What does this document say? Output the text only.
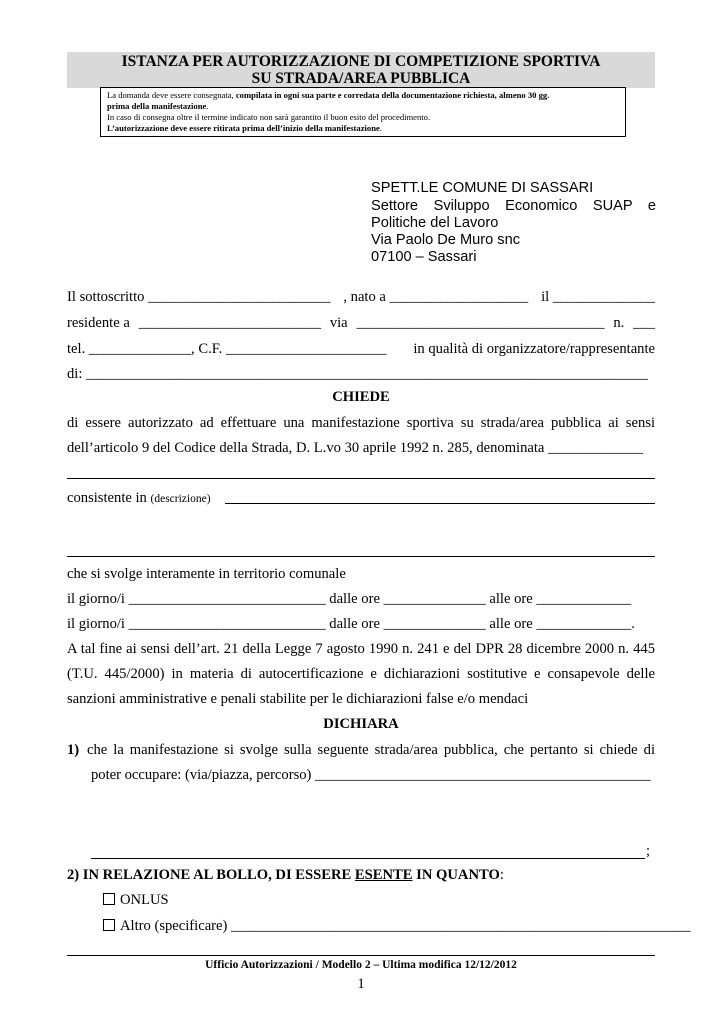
ISTANZA PER AUTORIZZAZIONE DI COMPETIZIONE SPORTIVA
SU STRADA/AREA PUBBLICA
La domanda deve essere consegnata, compilata in ogni sua parte e corredata della documentazione richiesta, almeno 30 gg.
prima della manifestazione.
In caso di consegna oltre il termine indicato non sarà garantito il buon esito del procedimento.
L’autorizzazione deve essere ritirata prima dell’inizio della manifestazione.
SPETT.LE COMUNE DI SASSARI
Settore Sviluppo Economico SUAP e
Politiche del Lavoro
Via Paolo De Muro snc
07100 – Sassari
Il sottoscritto _________________________ , nato a ___________________ il ______________
residente a _________________________ via __________________________________ n. ___
tel. ______________, C.F. ______________________ in qualità di organizzatore/rappresentante
di: _____________________________________________________________________________
CHIEDE
di essere autorizzato ad effettuare una manifestazione sportiva su strada/area pubblica ai sensi
dell’articolo 9 del Codice della Strada, D. L.vo 30 aprile 1992 n. 285, denominata _____________
consistente in (descrizione)
che si svolge interamente in territorio comunale
il giorno/i ___________________________ dalle ore ______________ alle ore _____________
il giorno/i ___________________________ dalle ore ______________ alle ore _____________.
A tal fine ai sensi dell’art. 21 della Legge 7 agosto 1990 n. 241 e del DPR 28 dicembre 2000 n. 445
(T.U. 445/2000) in materia di autocertificazione e dichiarazioni sostitutive e consapevole delle
sanzioni amministrative e penali stabilite per le dichiarazioni false e/o mendaci
DICHIARA
1) che la manifestazione si svolge sulla seguente strada/area pubblica, che pertanto si chiede di
poter occupare: (via/piazza, percorso) ______________________________________________
;
2) IN RELAZIONE AL BOLLO, DI ESSERE ESENTE IN QUANTO:
ONLUS
Altro (specificare) _______________________________________________________________
Ufficio Autorizzazioni / Modello 2 – Ultima modifica 12/12/2012
1
